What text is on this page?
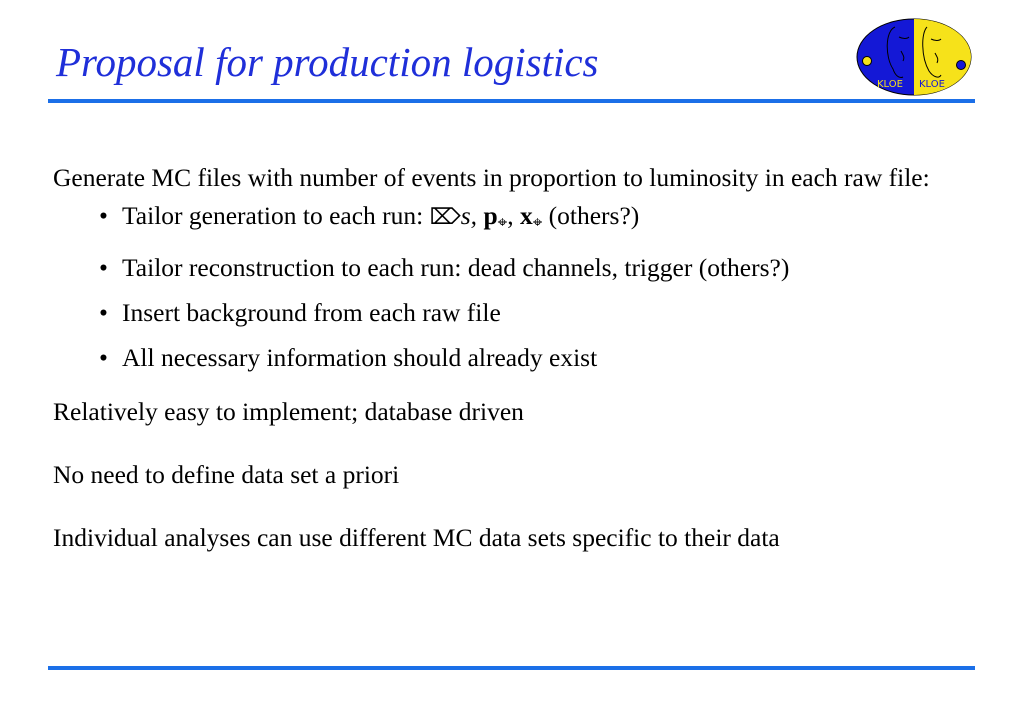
Proposal for production logistics	KLOE KLOE

Generate MC files with number of events in proportion to luminosity in each raw file:

• Tailor generation to each run: ⌦s, $p_⌖$, $x_⌖$ (others?)
• Tailor reconstruction to each run: dead channels, trigger (others?)
• Insert background from each raw file
• All necessary information should already exist

Relatively easy to implement; database driven

No need to define data set a priori

Individual analyses can use different MC data sets specific to their data
